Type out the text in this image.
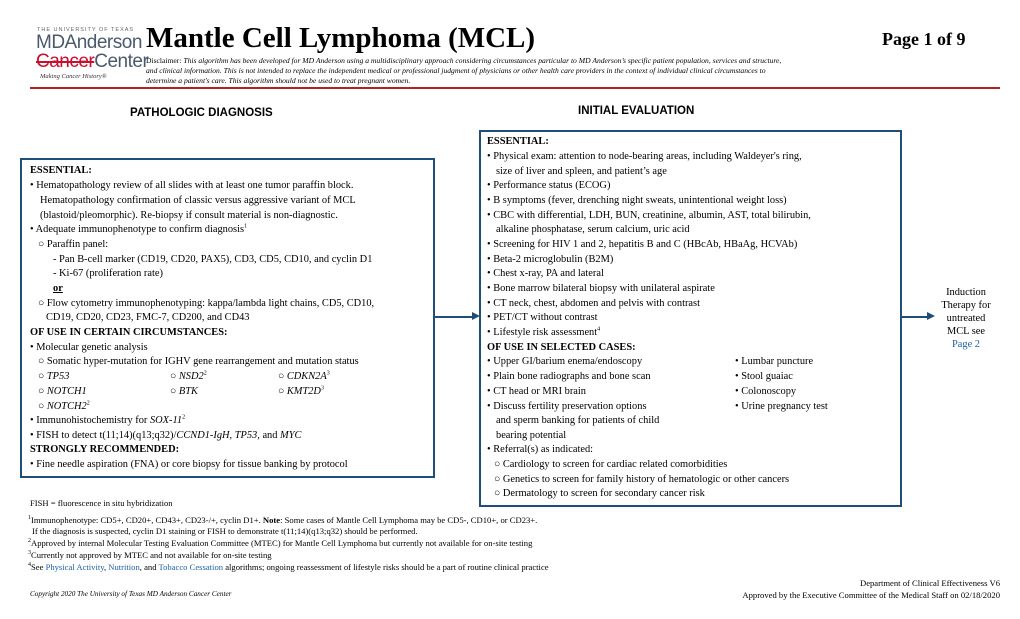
THE UNIVERSITY OF TEXAS
MDAnderson
CancerCenter
Making Cancer History®
Mantle Cell Lymphoma (MCL)	Page 1 of 9
Disclaimer: This algorithm has been developed for MD Anderson using a multidisciplinary approach considering circumstances particular to MD Anderson’s specific patient population, services and structure,
and clinical information. This is not intended to replace the independent medical or professional judgment of physicians or other health care providers in the context of individual clinical circumstances to
determine a patient's care. This algorithm should not be used to treat pregnant women.
PATHOLOGIC DIAGNOSIS	INITIAL EVALUATION
ESSENTIAL:
• Hematopathology review of all slides with at least one tumor paraffin block.
Hematopathology confirmation of classic versus aggressive variant of MCL
(blastoid/pleomorphic). Re-biopsy if consult material is non-diagnostic.
• Adequate immunophenotype to confirm diagnosis$^1$
○ Paraffin panel:
- Pan B-cell marker (CD19, CD20, PAX5), CD3, CD5, CD10, and cyclin D1
- Ki-67 (proliferation rate)
or
○ Flow cytometry immunophenotyping: kappa/lambda light chains, CD5, CD10,
CD19, CD20, CD23, FMC-7, CD200, and CD43
OF USE IN CERTAIN CIRCUMSTANCES:
• Molecular genetic analysis
○ Somatic hyper-mutation for IGHV gene rearrangement and mutation status
○ TP53	○ $NSD2^2$	○ $CDKN2A^3$
○ NOTCH1	○ BTK	○ $KMT2D^3$
○ $NOTCH2^2$
• Immunohistochemistry for SOX-$11^2$
• FISH to detect t(11;14)(q13;q32)/CCND1-IgH, TP53, and MYC
STRONGLY RECOMMENDED:
• Fine needle aspiration (FNA) or core biopsy for tissue banking by protocol
ESSENTIAL:
• Physical exam: attention to node-bearing areas, including Waldeyer's ring,
size of liver and spleen, and patient’s age
• Performance status (ECOG)
• B symptoms (fever, drenching night sweats, unintentional weight loss)
• CBC with differential, LDH, BUN, creatinine, albumin, AST, total bilirubin,
alkaline phosphatase, serum calcium, uric acid
• Screening for HIV 1 and 2, hepatitis B and C (HBcAb, HBaAg, HCVAb)
• Beta-2 microglobulin (B2M)
• Chest x-ray, PA and lateral
• Bone marrow bilateral biopsy with unilateral aspirate
• CT neck, chest, abdomen and pelvis with contrast
• PET/CT without contrast
• Lifestyle risk assessment$^4$
OF USE IN SELECTED CASES:
• Upper GI/barium enema/endoscopy	• Lumbar puncture
• Plain bone radiographs and bone scan	• Stool guaiac
• CT head or MRI brain	• Colonoscopy
• Discuss fertility preservation options	• Urine pregnancy test
and sperm banking for patients of child
bearing potential
• Referral(s) as indicated:
○ Cardiology to screen for cardiac related comorbidities
○ Genetics to screen for family history of hematologic or other cancers
○ Dermatology to screen for secondary cancer risk
Induction
Therapy for
untreated
MCL see
Page 2
FISH = fluorescence in situ hybridization
$^1$Immunophenotype: CD5+, CD20+, CD43+, CD23-/+, cyclin D1+. Note: Some cases of Mantle Cell Lymphoma may be CD5-, CD10+, or CD23+.
If the diagnosis is suspected, cyclin D1 staining or FISH to demonstrate t(11;14)(q13;q32) should be performed.
$^2$Approved by internal Molecular Testing Evaluation Committee (MTEC) for Mantle Cell Lymphoma but currently not available for on-site testing
$^3$Currently not approved by MTEC and not available for on-site testing
$^4$See Physical Activity, Nutrition, and Tobacco Cessation algorithms; ongoing reassessment of lifestyle risks should be a part of routine clinical practice
Copyright 2020 The University of Texas MD Anderson Cancer Center
Department of Clinical Effectiveness V6
Approved by the Executive Committee of the Medical Staff on 02/18/2020
